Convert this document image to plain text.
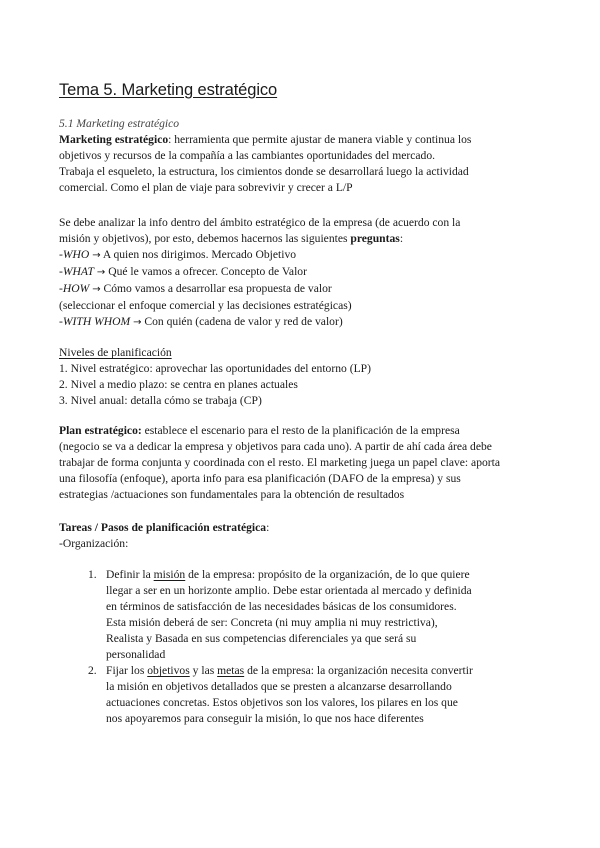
Tema 5. Marketing estratégico
5.1 Marketing estratégico
Marketing estratégico: herramienta que permite ajustar de manera viable y continua los
objetivos y recursos de la compañía a las cambiantes oportunidades del mercado.
Trabaja el esqueleto, la estructura, los cimientos donde se desarrollará luego la actividad
comercial. Como el plan de viaje para sobrevivir y crecer a L/P
Se debe analizar la info dentro del ámbito estratégico de la empresa (de acuerdo con la
misión y objetivos), por esto, debemos hacernos las siguientes preguntas:
-WHO → A quien nos dirigimos. Mercado Objetivo
-WHAT → Qué le vamos a ofrecer. Concepto de Valor
-HOW → Cómo vamos a desarrollar esa propuesta de valor
(seleccionar el enfoque comercial y las decisiones estratégicas)
-WITH WHOM → Con quién (cadena de valor y red de valor)
Niveles de planificación
1. Nivel estratégico: aprovechar las oportunidades del entorno (LP)
2. Nivel a medio plazo: se centra en planes actuales
3. Nivel anual: detalla cómo se trabaja (CP)
Plan estratégico: establece el escenario para el resto de la planificación de la empresa
(negocio se va a dedicar la empresa y objetivos para cada uno). A partir de ahí cada área debe
trabajar de forma conjunta y coordinada con el resto. El marketing juega un papel clave: aporta
una filosofía (enfoque), aporta info para esa planificación (DAFO de la empresa) y sus
estrategias /actuaciones son fundamentales para la obtención de resultados
Tareas / Pasos de planificación estratégica:
-Organización:
1. Definir la misión de la empresa: propósito de la organización, de lo que quiere
llegar a ser en un horizonte amplio. Debe estar orientada al mercado y definida
en términos de satisfacción de las necesidades básicas de los consumidores.
Esta misión deberá de ser: Concreta (ni muy amplia ni muy restrictiva),
Realista y Basada en sus competencias diferenciales ya que será su
personalidad
2. Fijar los objetivos y las metas de la empresa: la organización necesita convertir
la misión en objetivos detallados que se presten a alcanzarse desarrollando
actuaciones concretas. Estos objetivos son los valores, los pilares en los que
nos apoyaremos para conseguir la misión, lo que nos hace diferentes
